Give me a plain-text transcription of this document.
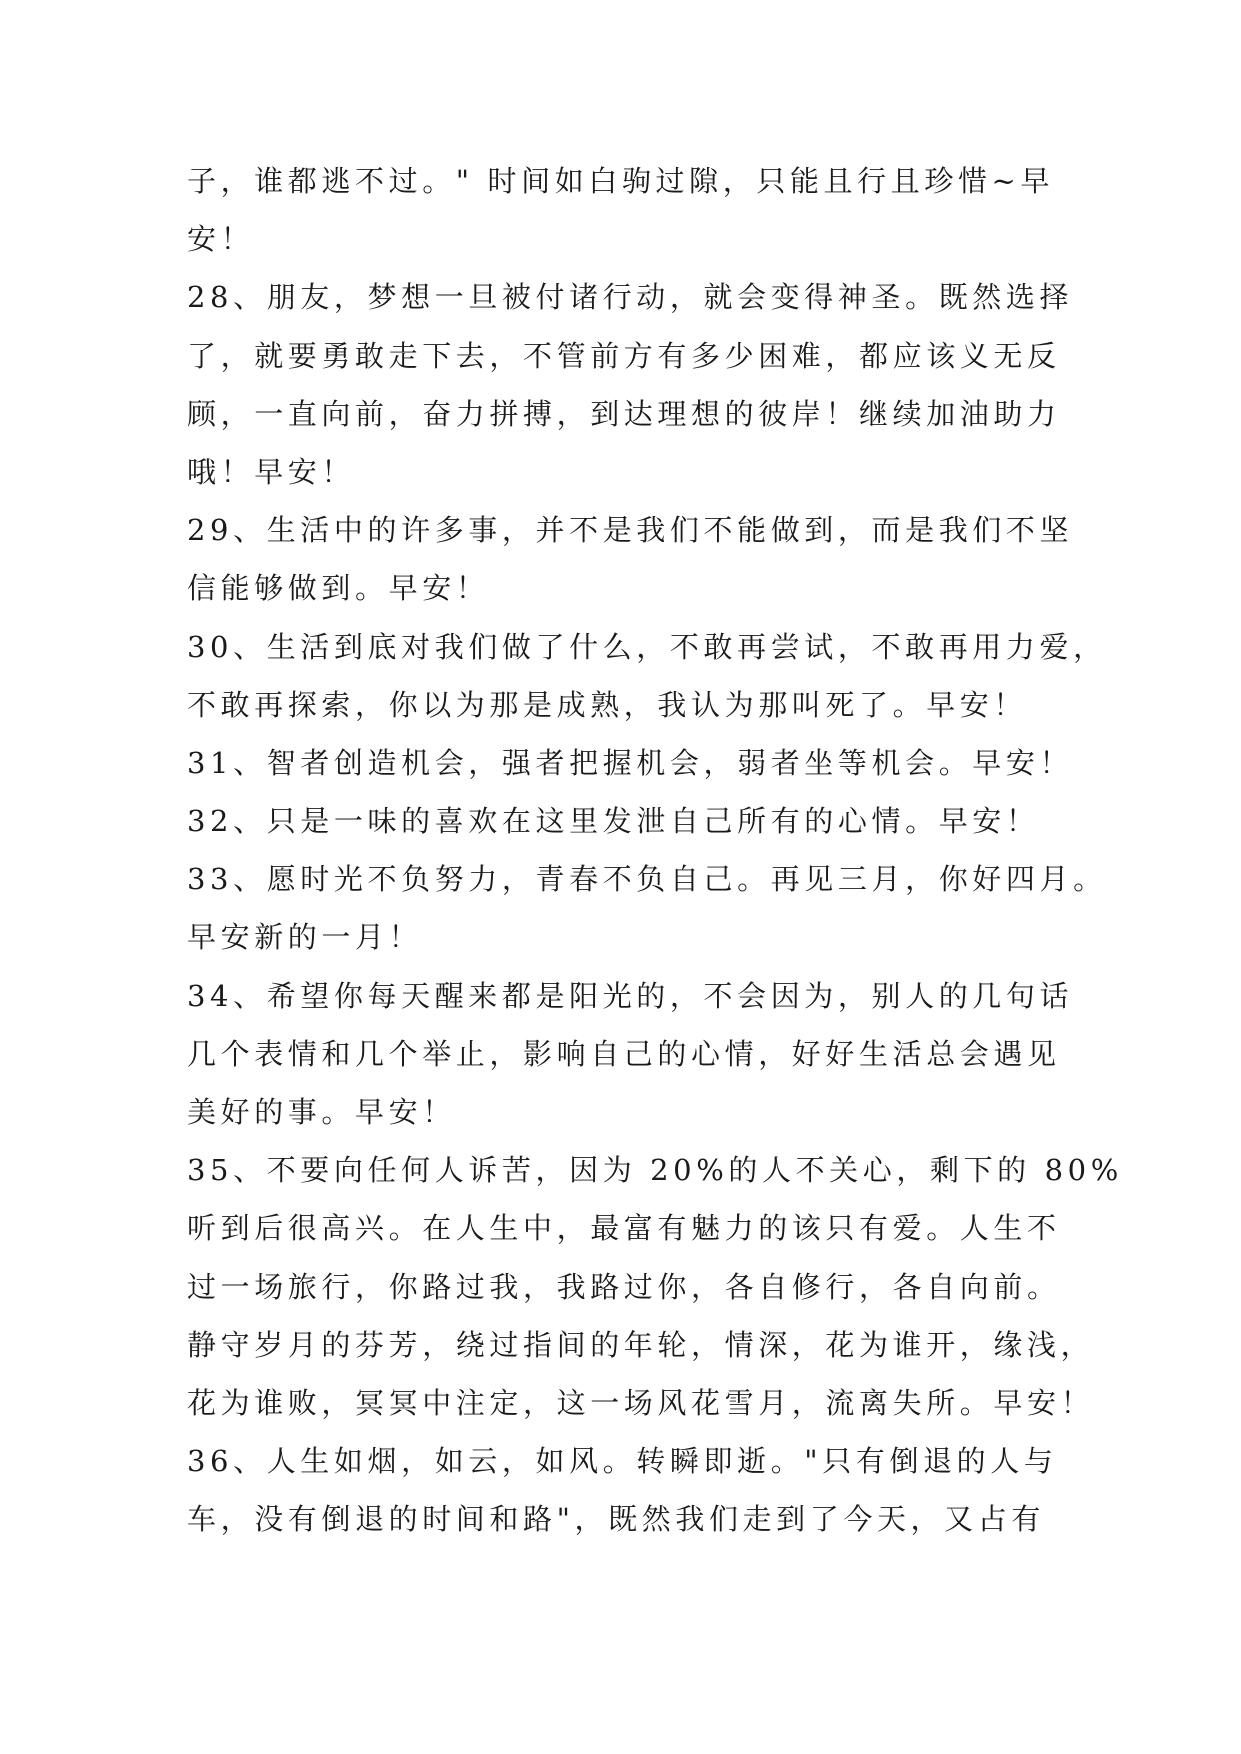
子，谁都逃不过。" 时间如白驹过隙，只能且行且珍惜~早
安！
28、朋友，梦想一旦被付诸行动，就会变得神圣。既然选择
了，就要勇敢走下去，不管前方有多少困难，都应该义无反
顾，一直向前，奋力拼搏，到达理想的彼岸！继续加油助力
哦！早安！
29、生活中的许多事，并不是我们不能做到，而是我们不坚
信能够做到。早安！
30、生活到底对我们做了什么，不敢再尝试，不敢再用力爱，
不敢再探索，你以为那是成熟，我认为那叫死了。早安！
31、智者创造机会，强者把握机会，弱者坐等机会。早安！
32、只是一味的喜欢在这里发泄自己所有的心情。早安！
33、愿时光不负努力，青春不负自己。再见三月，你好四月。
早安新的一月！
34、希望你每天醒来都是阳光的，不会因为，别人的几句话
几个表情和几个举止，影响自己的心情，好好生活总会遇见
美好的事。早安！
35、不要向任何人诉苦，因为 20%的人不关心，剩下的 80%
听到后很高兴。在人生中，最富有魅力的该只有爱。人生不
过一场旅行，你路过我，我路过你，各自修行，各自向前。
静守岁月的芬芳，绕过指间的年轮，情深，花为谁开，缘浅，
花为谁败，冥冥中注定，这一场风花雪月，流离失所。早安！
36、人生如烟，如云，如风。转瞬即逝。"只有倒退的人与
车，没有倒退的时间和路"，既然我们走到了今天，又占有
